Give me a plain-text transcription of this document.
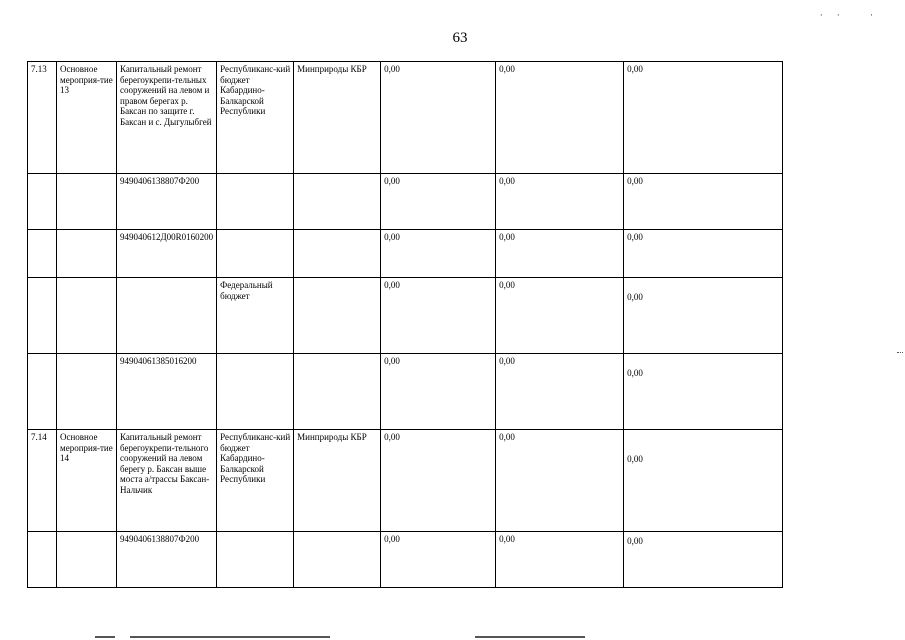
63
·· ·
7.13	Основное мероприя-тие 13	Капитальный ремонт берегоукрепи-тельных сооружений на левом и правом берегах р. Баксан по защите г. Баксан и с. Дыгулыбгей	Республиканс-кий бюджет Кабардино-Балкарской Республики	Минприроды КБР	0,00	0,00	0,00
		9490406138807Ф200			0,00	0,00	0,00
		949040612Д00R0160200			0,00	0,00	0,00
			Федеральный бюджет		0,00	0,00	0,00
		94904061385016200			0,00	0,00	0,00
7.14	Основное мероприя-тие 14	Капитальный ремонт берегоукрепи-тельного сооружений на левом берегу р. Баксан выше моста а/трассы Баксан-Нальчик	Республиканс-кий бюджет Кабардино-Балкарской Республики	Минприроды КБР	0,00	0,00	0,00
		9490406138807Ф200			0,00	0,00	0,00
